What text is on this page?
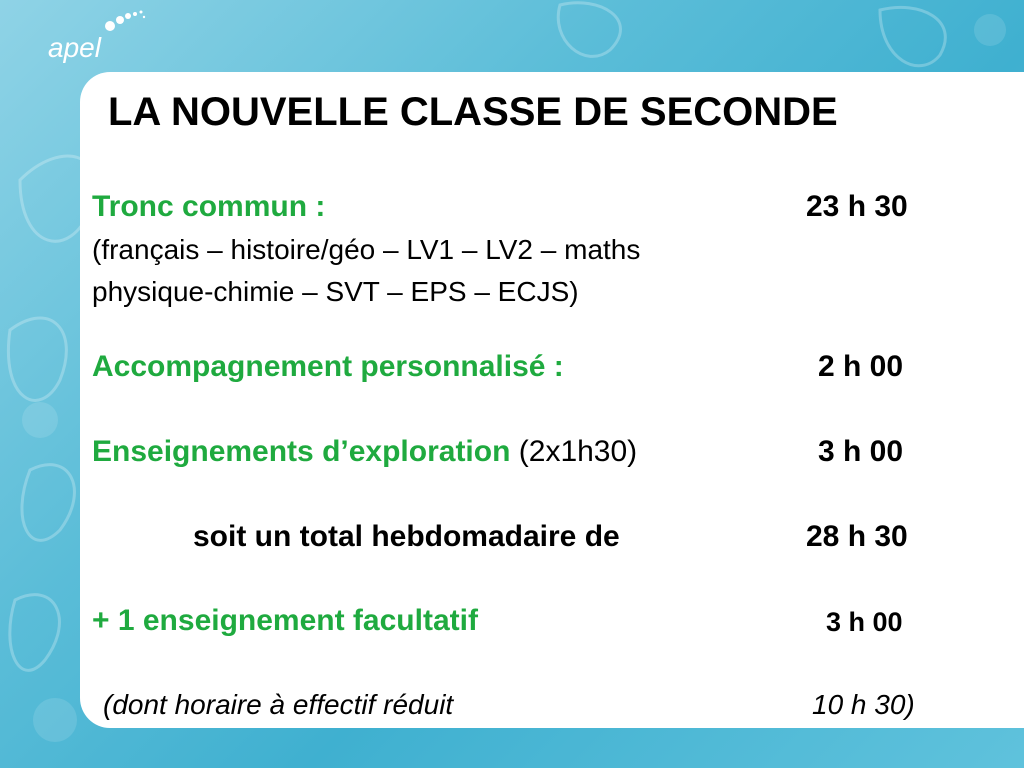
apel
LA NOUVELLE CLASSE DE SECONDE
Tronc commun :	23 h 30
(français – histoire/géo – LV1 – LV2 – maths
physique-chimie – SVT – EPS – ECJS)
Accompagnement personnalisé :	2 h 00
Enseignements d’exploration (2x1h30)	3 h 00
soit un total hebdomadaire de	28 h 30
+ 1 enseignement facultatif	3 h 00
(dont horaire à effectif réduit	10 h 30)
